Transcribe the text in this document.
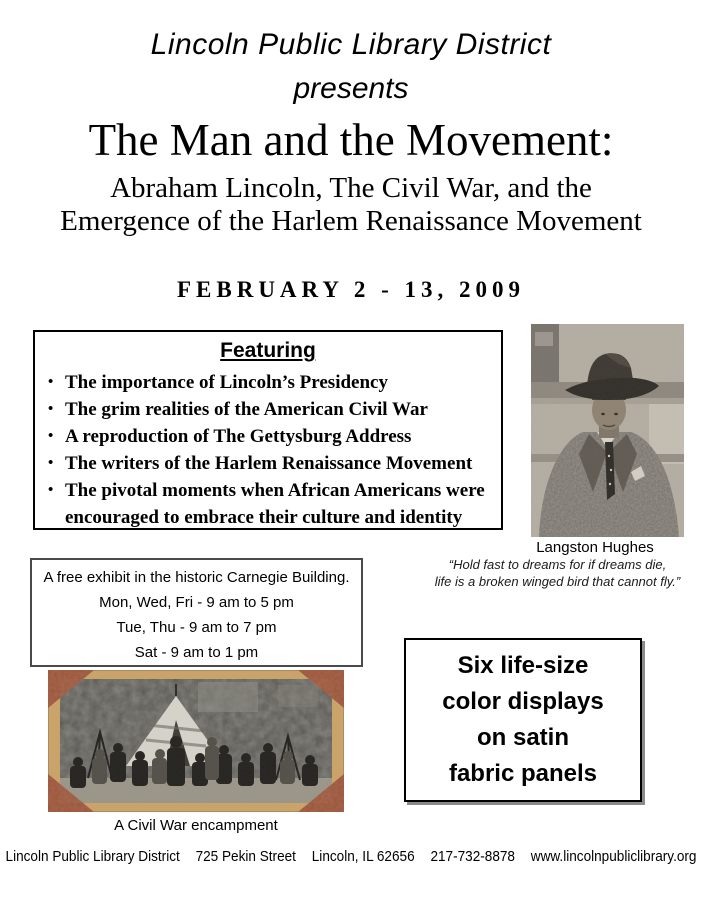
Lincoln Public Library District
presents
The Man and the Movement:
Abraham Lincoln, The Civil War, and the
Emergence of the Harlem Renaissance Movement
FEBRUARY 2 - 13, 2009
Featuring
• The importance of Lincoln’s Presidency
• The grim realities of the American Civil War
• A reproduction of The Gettysburg Address
• The writers of the Harlem Renaissance Movement
• The pivotal moments when African Americans were encouraged to embrace their culture and identity
Langston Hughes
“Hold fast to dreams for if dreams die,
life is a broken winged bird that cannot fly.”
A free exhibit in the historic Carnegie Building.
Mon, Wed, Fri - 9 am to 5 pm
Tue, Thu - 9 am to 7 pm
Sat - 9 am to 1 pm
A Civil War encampment
Six life-size
color displays
on satin
fabric panels
Lincoln Public Library District 725 Pekin Street Lincoln, IL 62656 217-732-8878 www.lincolnpubliclibrary.org
